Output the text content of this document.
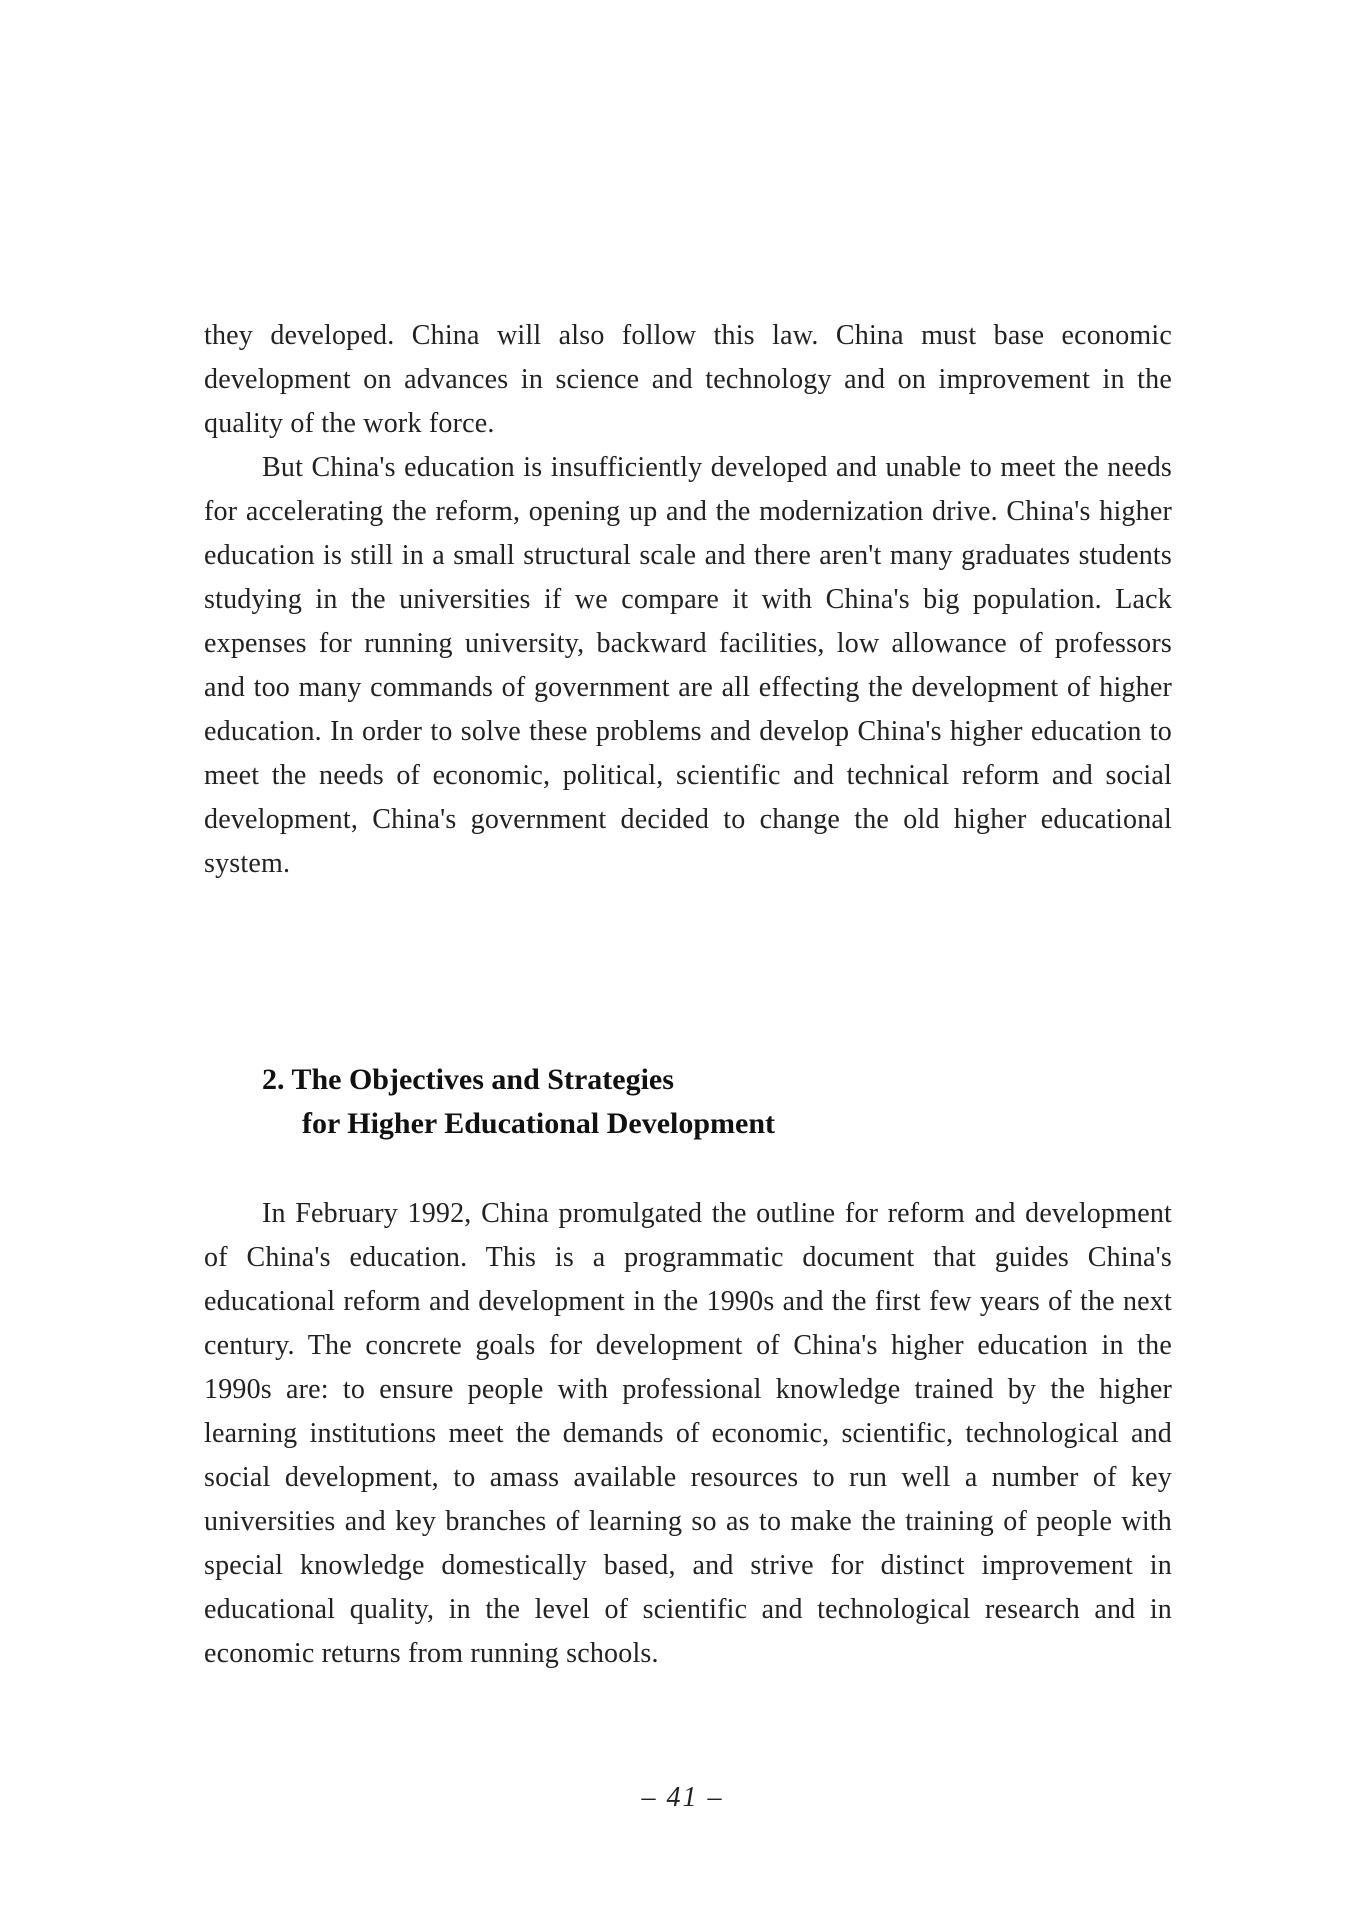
they developed. China will also follow this law. China must base economic development on advances in science and technology and on improvement in the quality of the work force.

But China's education is insufficiently developed and unable to meet the needs for accelerating the reform, opening up and the modernization drive. China's higher education is still in a small structural scale and there aren't many graduates students studying in the universities if we compare it with China's big population. Lack expenses for running university, backward facilities, low allowance of professors and too many commands of government are all effecting the development of higher education. In order to solve these problems and develop China's higher education to meet the needs of economic, political, scientific and technical reform and social development, China's government decided to change the old higher educational system.

2. The Objectives and Strategies
for Higher Educational Development

In February 1992, China promulgated the outline for reform and development of China's education. This is a programmatic document that guides China's educational reform and development in the 1990s and the first few years of the next century. The concrete goals for development of China's higher education in the 1990s are: to ensure people with professional knowledge trained by the higher learning institutions meet the demands of economic, scientific, technological and social development, to amass available resources to run well a number of key universities and key branches of learning so as to make the training of people with special knowledge domestically based, and strive for distinct improvement in educational quality, in the level of scientific and technological research and in economic returns from running schools.

– 41 –
